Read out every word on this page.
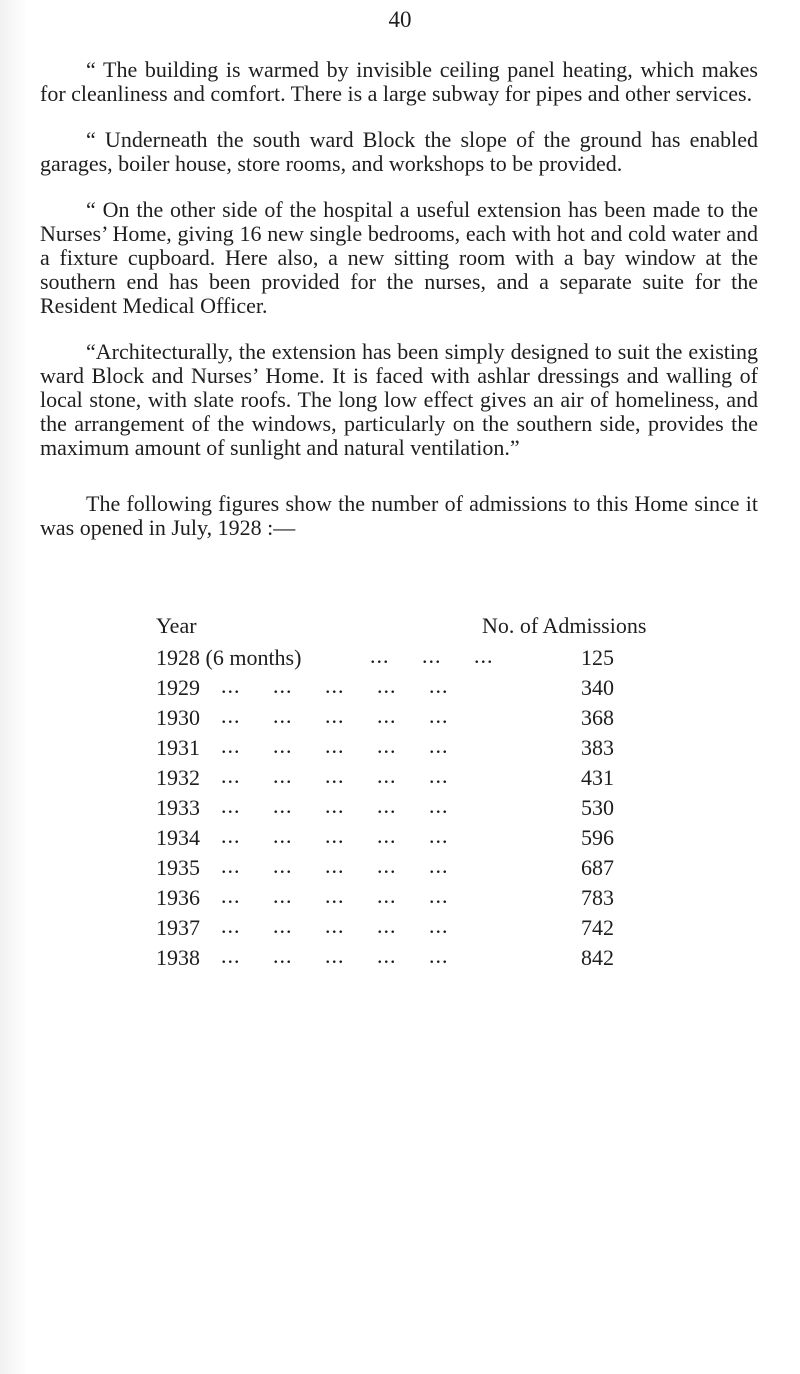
40

“ The building is warmed by invisible ceiling panel heating, which makes for cleanliness and comfort. There is a large subway for pipes and other services.

“ Underneath the south ward Block the slope of the ground has enabled garages, boiler house, store rooms, and workshops to be provided.

“ On the other side of the hospital a useful extension has been made to the Nurses’ Home, giving 16 new single bedrooms, each with hot and cold water and a fixture cupboard. Here also, a new sitting room with a bay window at the southern end has been provided for the nurses, and a separate suite for the Resident Medical Officer.

“Architecturally, the extension has been simply designed to suit the existing ward Block and Nurses’ Home. It is faced with ashlar dressings and walling of local stone, with slate roofs. The long low effect gives an air of homeliness, and the arrangement of the windows, particularly on the southern side, provides the maximum amount of sunlight and natural ventilation.”

The following figures show the number of admissions to this Home since it was opened in July, 1928 :—

Year	No. of Admissions
1928 (6 months)	...     ...     ...	125
1929 ...     ...     ...     ...     ...	340
1930 ...     ...     ...     ...     ...	368
1931 ...     ...     ...     ...     ...	383
1932 ...     ...     ...     ...     ...	431
1933 ...     ...     ...     ...     ...	530
1934 ...     ...     ...     ...     ...	596
1935 ...     ...     ...     ...     ...	687
1936 ...     ...     ...     ...     ...	783
1937 ...     ...     ...     ...     ...	742
1938 ...     ...     ...     ...     ...	842
